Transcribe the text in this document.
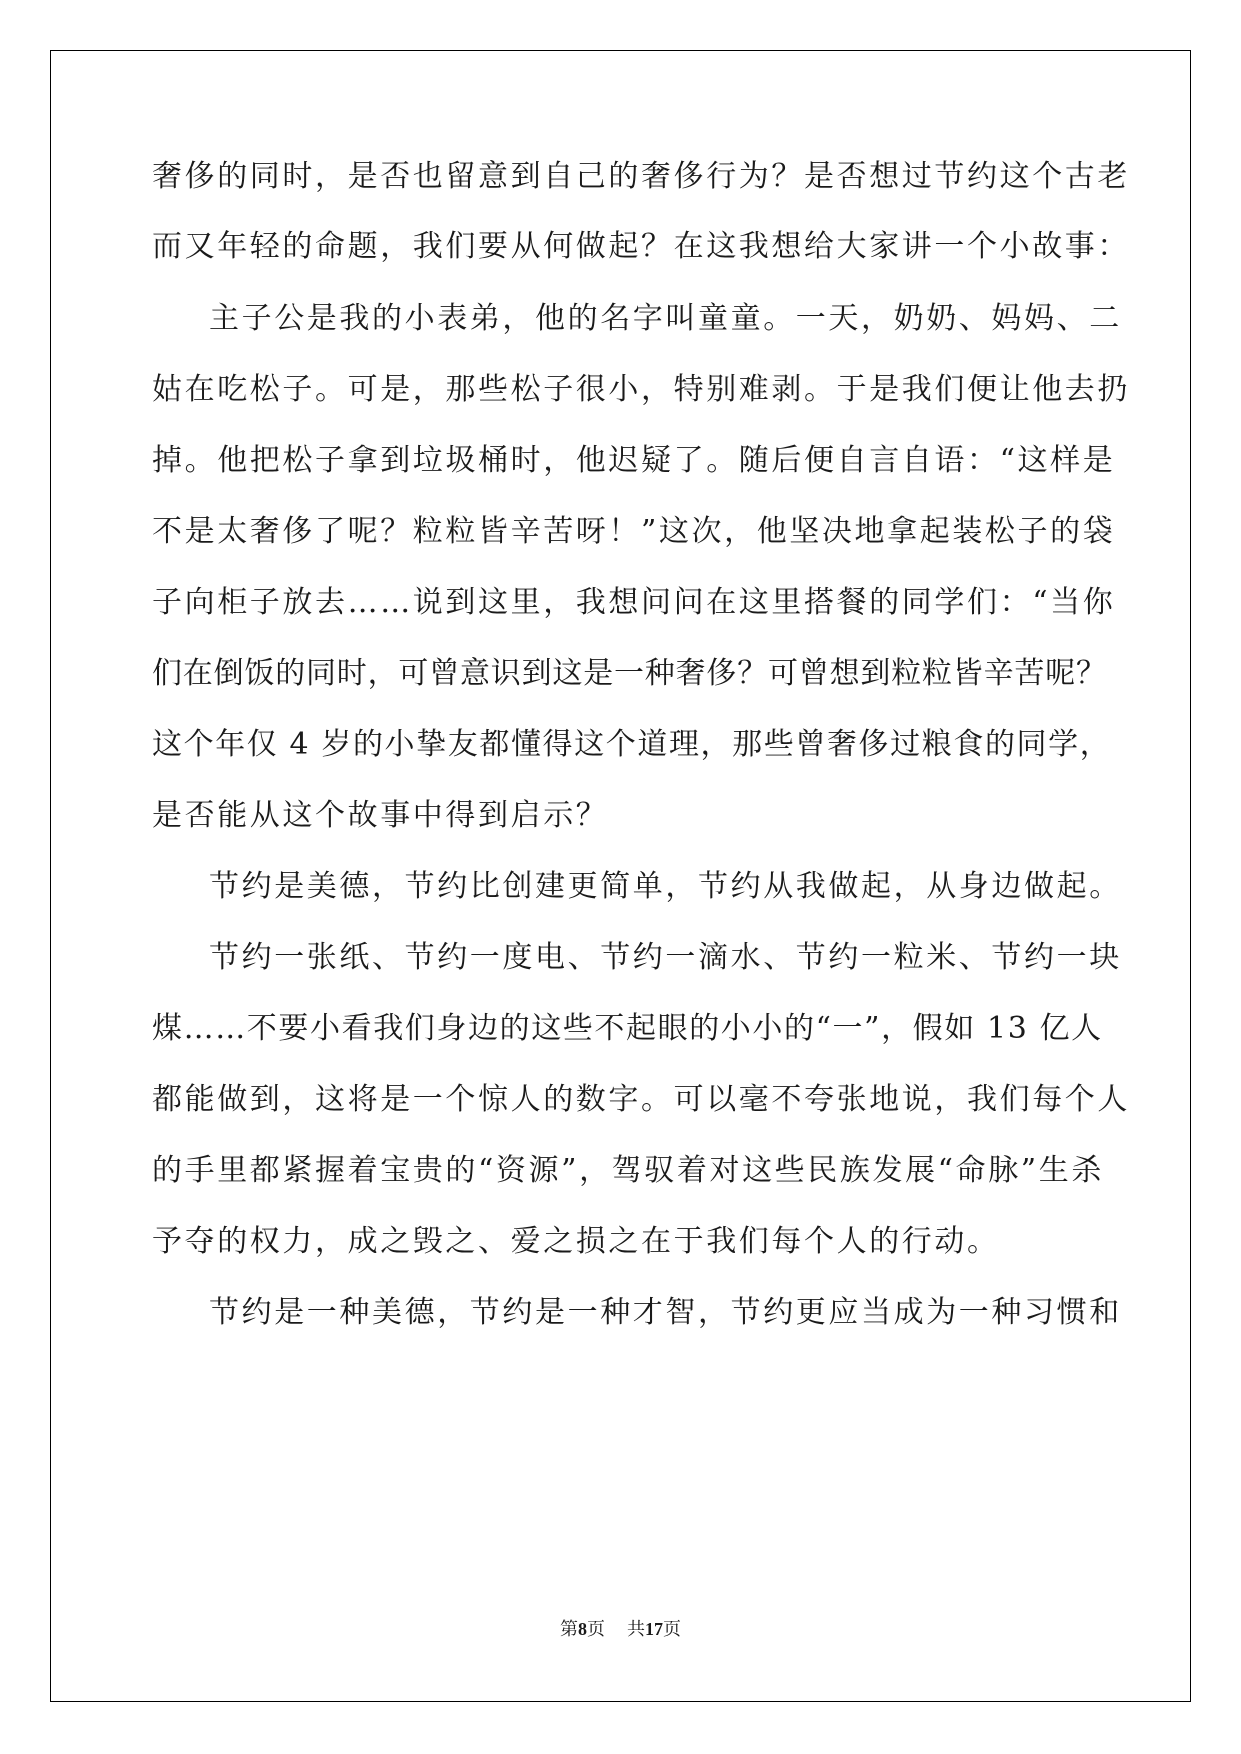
奢侈的同时，是否也留意到自己的奢侈行为？是否想过节约这个古老
而又年轻的命题，我们要从何做起？在这我想给大家讲一个小故事：
主子公是我的小表弟，他的名字叫童童。一天，奶奶、妈妈、二
姑在吃松子。可是，那些松子很小，特别难剥。于是我们便让他去扔
掉。他把松子拿到垃圾桶时，他迟疑了。随后便自言自语：“这样是
不是太奢侈了呢？粒粒皆辛苦呀！”这次，他坚决地拿起装松子的袋
子向柜子放去……说到这里，我想问问在这里搭餐的同学们：“当你
们在倒饭的同时，可曾意识到这是一种奢侈？可曾想到粒粒皆辛苦呢？
这个年仅 4 岁的小挚友都懂得这个道理，那些曾奢侈过粮食的同学，
是否能从这个故事中得到启示？
节约是美德，节约比创建更简单，节约从我做起，从身边做起。
节约一张纸、节约一度电、节约一滴水、节约一粒米、节约一块
煤……不要小看我们身边的这些不起眼的小小的“一”，假如 13 亿人
都能做到，这将是一个惊人的数字。可以毫不夸张地说，我们每个人
的手里都紧握着宝贵的“资源”，驾驭着对这些民族发展“命脉”生杀
予夺的权力，成之毁之、爱之损之在于我们每个人的行动。
节约是一种美德，节约是一种才智，节约更应当成为一种习惯和
第8页 共17页
